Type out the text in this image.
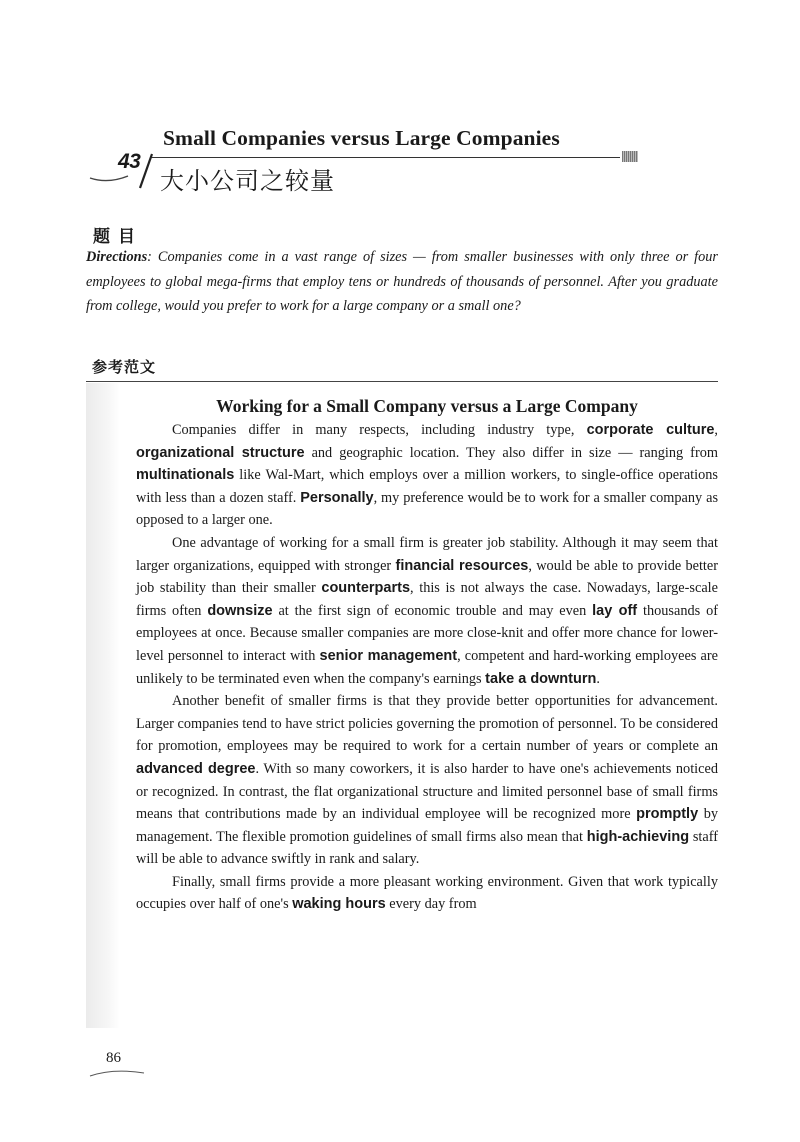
Small Companies versus Large Companies
43
大小公司之较量
题目
Directions: Companies come in a vast range of sizes — from smaller businesses with only three or four employees to global mega-firms that employ tens or hundreds of thousands of personnel. After you graduate from college, would you prefer to work for a large company or a small one?
参考范文
Working for a Small Company versus a Large Company

Companies differ in many respects, including industry type, corporate culture, organizational structure and geographic location. They also differ in size — ranging from multinationals like Wal-Mart, which employs over a million workers, to single-office operations with less than a dozen staff. Personally, my preference would be to work for a smaller company as opposed to a larger one.

One advantage of working for a small firm is greater job stability. Although it may seem that larger organizations, equipped with stronger financial resources, would be able to provide better job stability than their smaller counterparts, this is not always the case. Nowadays, large-scale firms often downsize at the first sign of economic trouble and may even lay off thousands of employees at once. Because smaller companies are more close-knit and offer more chance for lower-level personnel to interact with senior management, competent and hard-working employees are unlikely to be terminated even when the company's earnings take a downturn.

Another benefit of smaller firms is that they provide better opportunities for advancement. Larger companies tend to have strict policies governing the promotion of personnel. To be considered for promotion, employees may be required to work for a certain number of years or complete an advanced degree. With so many coworkers, it is also harder to have one's achievements noticed or recognized. In contrast, the flat organizational structure and limited personnel base of small firms means that contributions made by an individual employee will be recognized more promptly by management. The flexible promotion guidelines of small firms also mean that high-achieving staff will be able to advance swiftly in rank and salary.

Finally, small firms provide a more pleasant working environment. Given that work typically occupies over half of one's waking hours every day from

86
